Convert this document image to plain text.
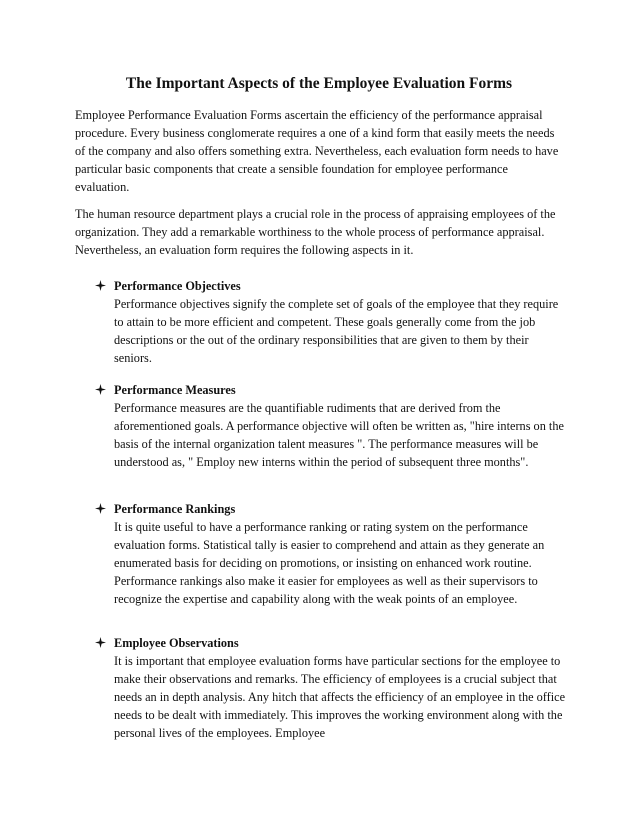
The Important Aspects of the Employee Evaluation Forms

Employee Performance Evaluation Forms ascertain the efficiency of the performance appraisal procedure. Every business conglomerate requires a one of a kind form that easily meets the needs of the company and also offers something extra. Nevertheless, each evaluation form needs to have particular basic components that create a sensible foundation for employee performance evaluation.

The human resource department plays a crucial role in the process of appraising employees of the organization. They add a remarkable worthiness to the whole process of performance appraisal. Nevertheless, an evaluation form requires the following aspects in it.

Performance Objectives
Performance objectives signify the complete set of goals of the employee that they require to attain to be more efficient and competent. These goals generally come from the job descriptions or the out of the ordinary responsibilities that are given to them by their seniors.
Performance Measures
Performance measures are the quantifiable rudiments that are derived from the aforementioned goals. A performance objective will often be written as, "hire interns on the basis of the internal organization talent measures ". The performance measures will be understood as, " Employ new interns within the period of subsequent three months".
Performance Rankings
It is quite useful to have a performance ranking or rating system on the performance evaluation forms. Statistical tally is easier to comprehend and attain as they generate an enumerated basis for deciding on promotions, or insisting on enhanced work routine. Performance rankings also make it easier for employees as well as their supervisors to recognize the expertise and capability along with the weak points of an employee.
Employee Observations
It is important that employee evaluation forms have particular sections for the employee to make their observations and remarks. The efficiency of employees is a crucial subject that needs an in depth analysis. Any hitch that affects the efficiency of an employee in the office needs to be dealt with immediately. This improves the working environment along with the personal lives of the employees. Employee
